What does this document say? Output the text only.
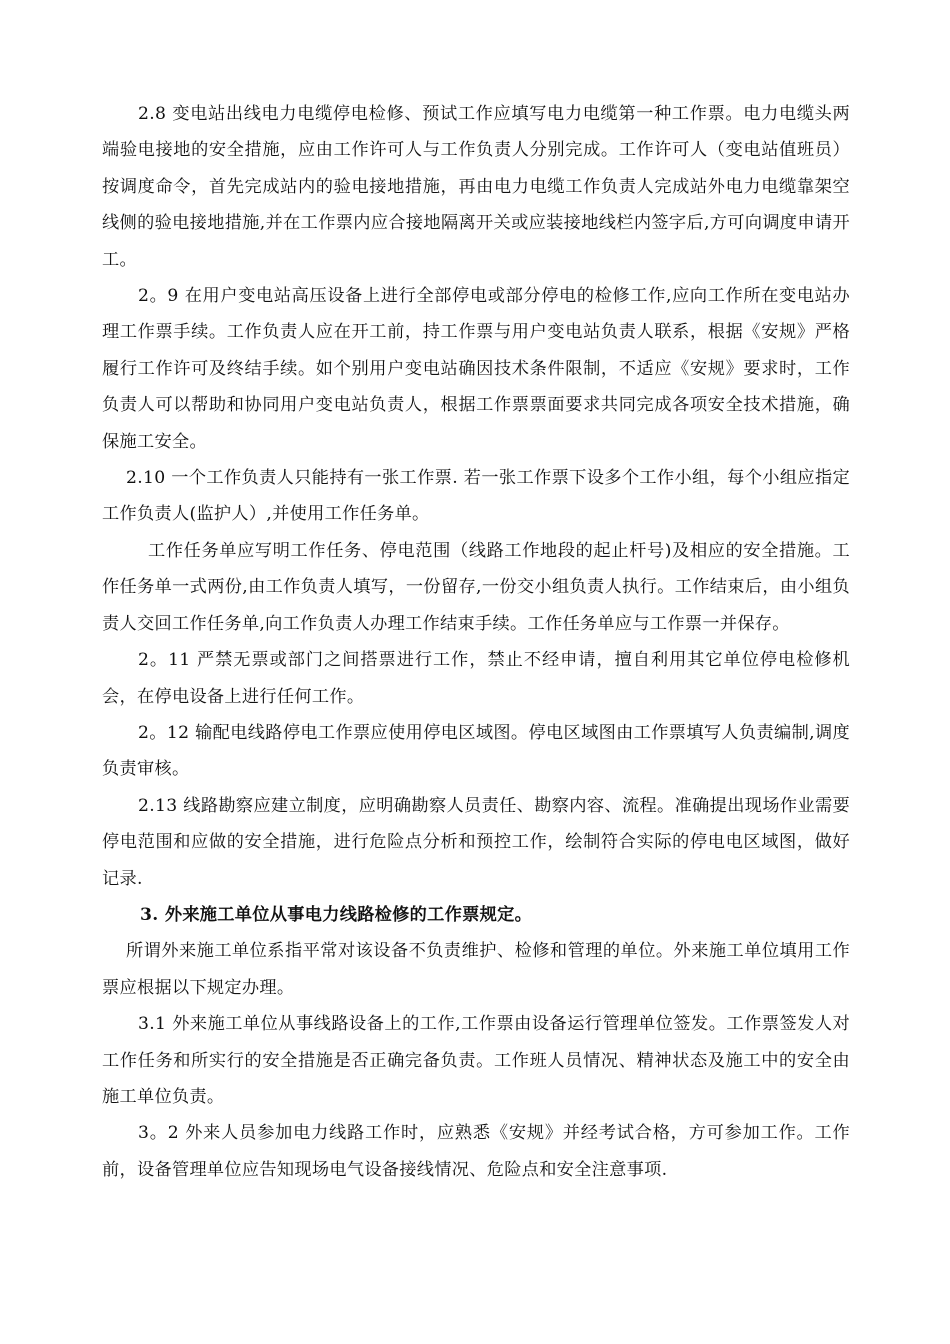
2.8 变电站出线电力电缆停电检修、预试工作应填写电力电缆第一种工作票。电力电缆头两端验电接地的安全措施，应由工作许可人与工作负责人分别完成。工作许可人（变电站值班员）按调度命令，首先完成站内的验电接地措施，再由电力电缆工作负责人完成站外电力电缆靠架空线侧的验电接地措施,并在工作票内应合接地隔离开关或应装接地线栏内签字后,方可向调度申请开工。

2。9 在用户变电站高压设备上进行全部停电或部分停电的检修工作,应向工作所在变电站办理工作票手续。工作负责人应在开工前，持工作票与用户变电站负责人联系，根据《安规》严格履行工作许可及终结手续。如个别用户变电站确因技术条件限制，不适应《安规》要求时，工作负责人可以帮助和协同用户变电站负责人，根据工作票票面要求共同完成各项安全技术措施，确保施工安全。

2.10 一个工作负责人只能持有一张工作票. 若一张工作票下设多个工作小组，每个小组应指定工作负责人(监护人）,并使用工作任务单。

工作任务单应写明工作任务、停电范围（线路工作地段的起止杆号)及相应的安全措施。工作任务单一式两份,由工作负责人填写，一份留存,一份交小组负责人执行。工作结束后，由小组负责人交回工作任务单,向工作负责人办理工作结束手续。工作任务单应与工作票一并保存。

2。11 严禁无票或部门之间搭票进行工作，禁止不经申请，擅自利用其它单位停电检修机会，在停电设备上进行任何工作。

2。12 输配电线路停电工作票应使用停电区域图。停电区域图由工作票填写人负责编制,调度负责审核。

2.13 线路勘察应建立制度，应明确勘察人员责任、勘察内容、流程。准确提出现场作业需要停电范围和应做的安全措施，进行危险点分析和预控工作，绘制符合实际的停电电区域图，做好记录.

3. 外来施工单位从事电力线路检修的工作票规定。

所谓外来施工单位系指平常对该设备不负责维护、检修和管理的单位。外来施工单位填用工作票应根据以下规定办理。

3.1 外来施工单位从事线路设备上的工作,工作票由设备运行管理单位签发。工作票签发人对工作任务和所实行的安全措施是否正确完备负责。工作班人员情况、精神状态及施工中的安全由施工单位负责。

3。2 外来人员参加电力线路工作时，应熟悉《安规》并经考试合格，方可参加工作。工作前，设备管理单位应告知现场电气设备接线情况、危险点和安全注意事项.
